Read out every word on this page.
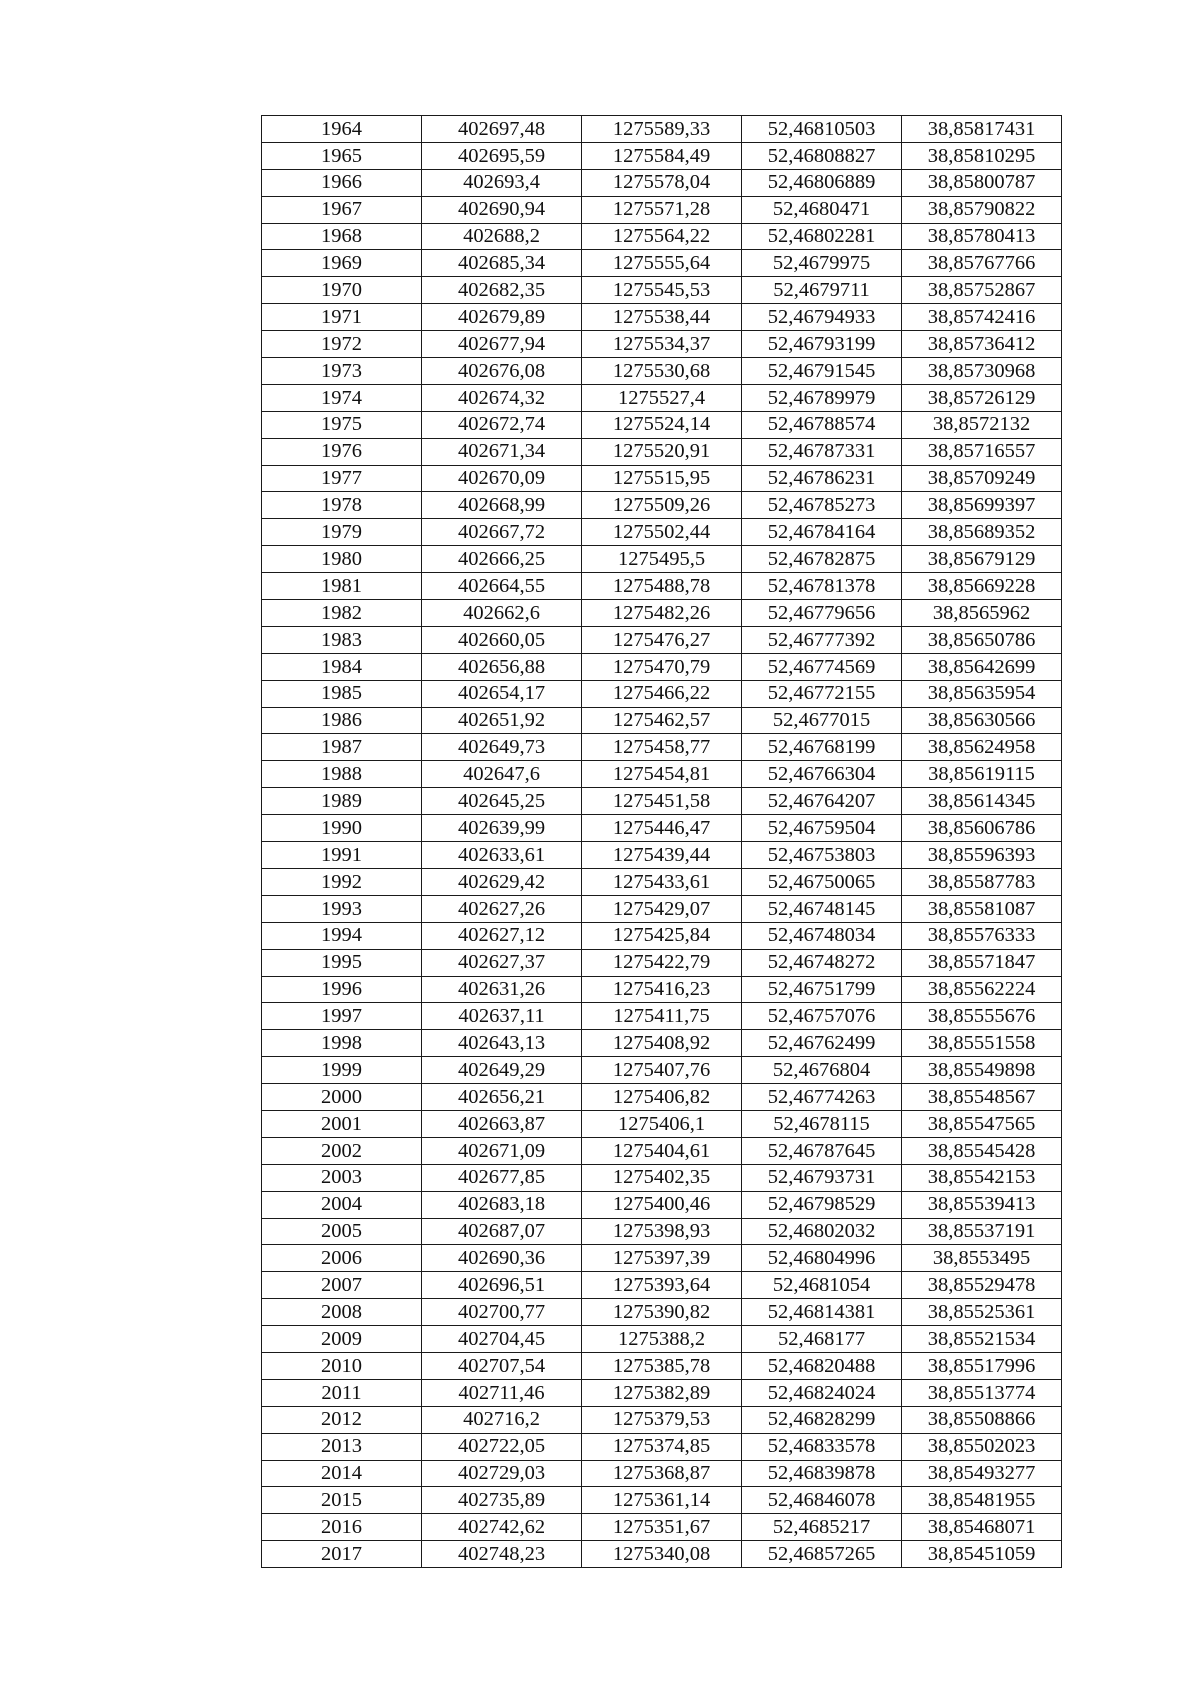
1964	402697,48	1275589,33	52,46810503	38,85817431
1965	402695,59	1275584,49	52,46808827	38,85810295
1966	402693,4	1275578,04	52,46806889	38,85800787
1967	402690,94	1275571,28	52,4680471	38,85790822
1968	402688,2	1275564,22	52,46802281	38,85780413
1969	402685,34	1275555,64	52,4679975	38,85767766
1970	402682,35	1275545,53	52,4679711	38,85752867
1971	402679,89	1275538,44	52,46794933	38,85742416
1972	402677,94	1275534,37	52,46793199	38,85736412
1973	402676,08	1275530,68	52,46791545	38,85730968
1974	402674,32	1275527,4	52,46789979	38,85726129
1975	402672,74	1275524,14	52,46788574	38,8572132
1976	402671,34	1275520,91	52,46787331	38,85716557
1977	402670,09	1275515,95	52,46786231	38,85709249
1978	402668,99	1275509,26	52,46785273	38,85699397
1979	402667,72	1275502,44	52,46784164	38,85689352
1980	402666,25	1275495,5	52,46782875	38,85679129
1981	402664,55	1275488,78	52,46781378	38,85669228
1982	402662,6	1275482,26	52,46779656	38,8565962
1983	402660,05	1275476,27	52,46777392	38,85650786
1984	402656,88	1275470,79	52,46774569	38,85642699
1985	402654,17	1275466,22	52,46772155	38,85635954
1986	402651,92	1275462,57	52,4677015	38,85630566
1987	402649,73	1275458,77	52,46768199	38,85624958
1988	402647,6	1275454,81	52,46766304	38,85619115
1989	402645,25	1275451,58	52,46764207	38,85614345
1990	402639,99	1275446,47	52,46759504	38,85606786
1991	402633,61	1275439,44	52,46753803	38,85596393
1992	402629,42	1275433,61	52,46750065	38,85587783
1993	402627,26	1275429,07	52,46748145	38,85581087
1994	402627,12	1275425,84	52,46748034	38,85576333
1995	402627,37	1275422,79	52,46748272	38,85571847
1996	402631,26	1275416,23	52,46751799	38,85562224
1997	402637,11	1275411,75	52,46757076	38,85555676
1998	402643,13	1275408,92	52,46762499	38,85551558
1999	402649,29	1275407,76	52,4676804	38,85549898
2000	402656,21	1275406,82	52,46774263	38,85548567
2001	402663,87	1275406,1	52,4678115	38,85547565
2002	402671,09	1275404,61	52,46787645	38,85545428
2003	402677,85	1275402,35	52,46793731	38,85542153
2004	402683,18	1275400,46	52,46798529	38,85539413
2005	402687,07	1275398,93	52,46802032	38,85537191
2006	402690,36	1275397,39	52,46804996	38,8553495
2007	402696,51	1275393,64	52,4681054	38,85529478
2008	402700,77	1275390,82	52,46814381	38,85525361
2009	402704,45	1275388,2	52,468177	38,85521534
2010	402707,54	1275385,78	52,46820488	38,85517996
2011	402711,46	1275382,89	52,46824024	38,85513774
2012	402716,2	1275379,53	52,46828299	38,85508866
2013	402722,05	1275374,85	52,46833578	38,85502023
2014	402729,03	1275368,87	52,46839878	38,85493277
2015	402735,89	1275361,14	52,46846078	38,85481955
2016	402742,62	1275351,67	52,4685217	38,85468071
2017	402748,23	1275340,08	52,46857265	38,85451059
